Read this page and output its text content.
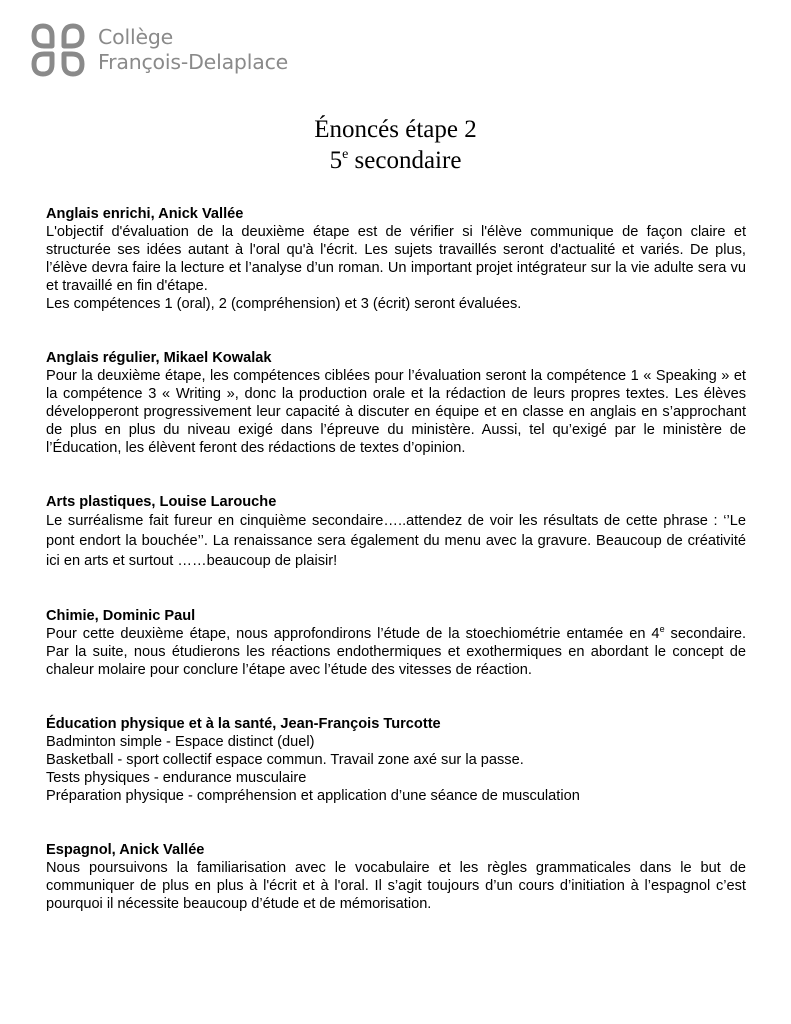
Collège
François-Delaplace
Énoncés étape 2
5e secondaire
Anglais enrichi, Anick Vallée

L'objectif d'évaluation de la deuxième étape est de vérifier si l'élève communique de façon claire et structurée ses idées autant à l'oral qu'à l'écrit. Les sujets travaillés seront d'actualité et variés. De plus, l’élève devra faire la lecture et l’analyse d’un roman. Un important projet intégrateur sur la vie adulte sera vu et travaillé en fin d'étape.

Les compétences 1 (oral), 2 (compréhension) et 3 (écrit) seront évaluées.

Anglais régulier, Mikael Kowalak

Pour la deuxième étape, les compétences ciblées pour l’évaluation seront la compétence 1 « Speaking » et la compétence 3 « Writing », donc la production orale et la rédaction de leurs propres textes. Les élèves développeront progressivement leur capacité à discuter en équipe et en classe en anglais en s’approchant de plus en plus du niveau exigé dans l’épreuve du ministère. Aussi, tel qu’exigé par le ministère de l’Éducation, les élèvent feront des rédactions de textes d’opinion.

Arts plastiques, Louise Larouche

Le surréalisme fait fureur en cinquième secondaire…..attendez de voir les résultats de cette phrase : ‘’Le pont endort la bouchée’’. La renaissance sera également du menu avec la gravure. Beaucoup de créativité ici en arts et surtout ……beaucoup de plaisir!

Chimie, Dominic Paul

Pour cette deuxième étape, nous approfondirons l’étude de la stoechiométrie entamée en 4e secondaire. Par la suite, nous étudierons les réactions endothermiques et exothermiques en abordant le concept de chaleur molaire pour conclure l’étape avec l’étude des vitesses de réaction.

Éducation physique et à la santé, Jean-François Turcotte

Badminton simple - Espace distinct (duel)

Basketball - sport collectif espace commun. Travail zone axé sur la passe.

Tests physiques - endurance musculaire

Préparation physique - compréhension et application d’une séance de musculation

Espagnol, Anick Vallée

Nous poursuivons la familiarisation avec le vocabulaire et les règles grammaticales dans le but de communiquer de plus en plus à l'écrit et à l'oral. Il s’agit toujours d’un cours d’initiation à l’espagnol c’est pourquoi il nécessite beaucoup d’étude et de mémorisation.
